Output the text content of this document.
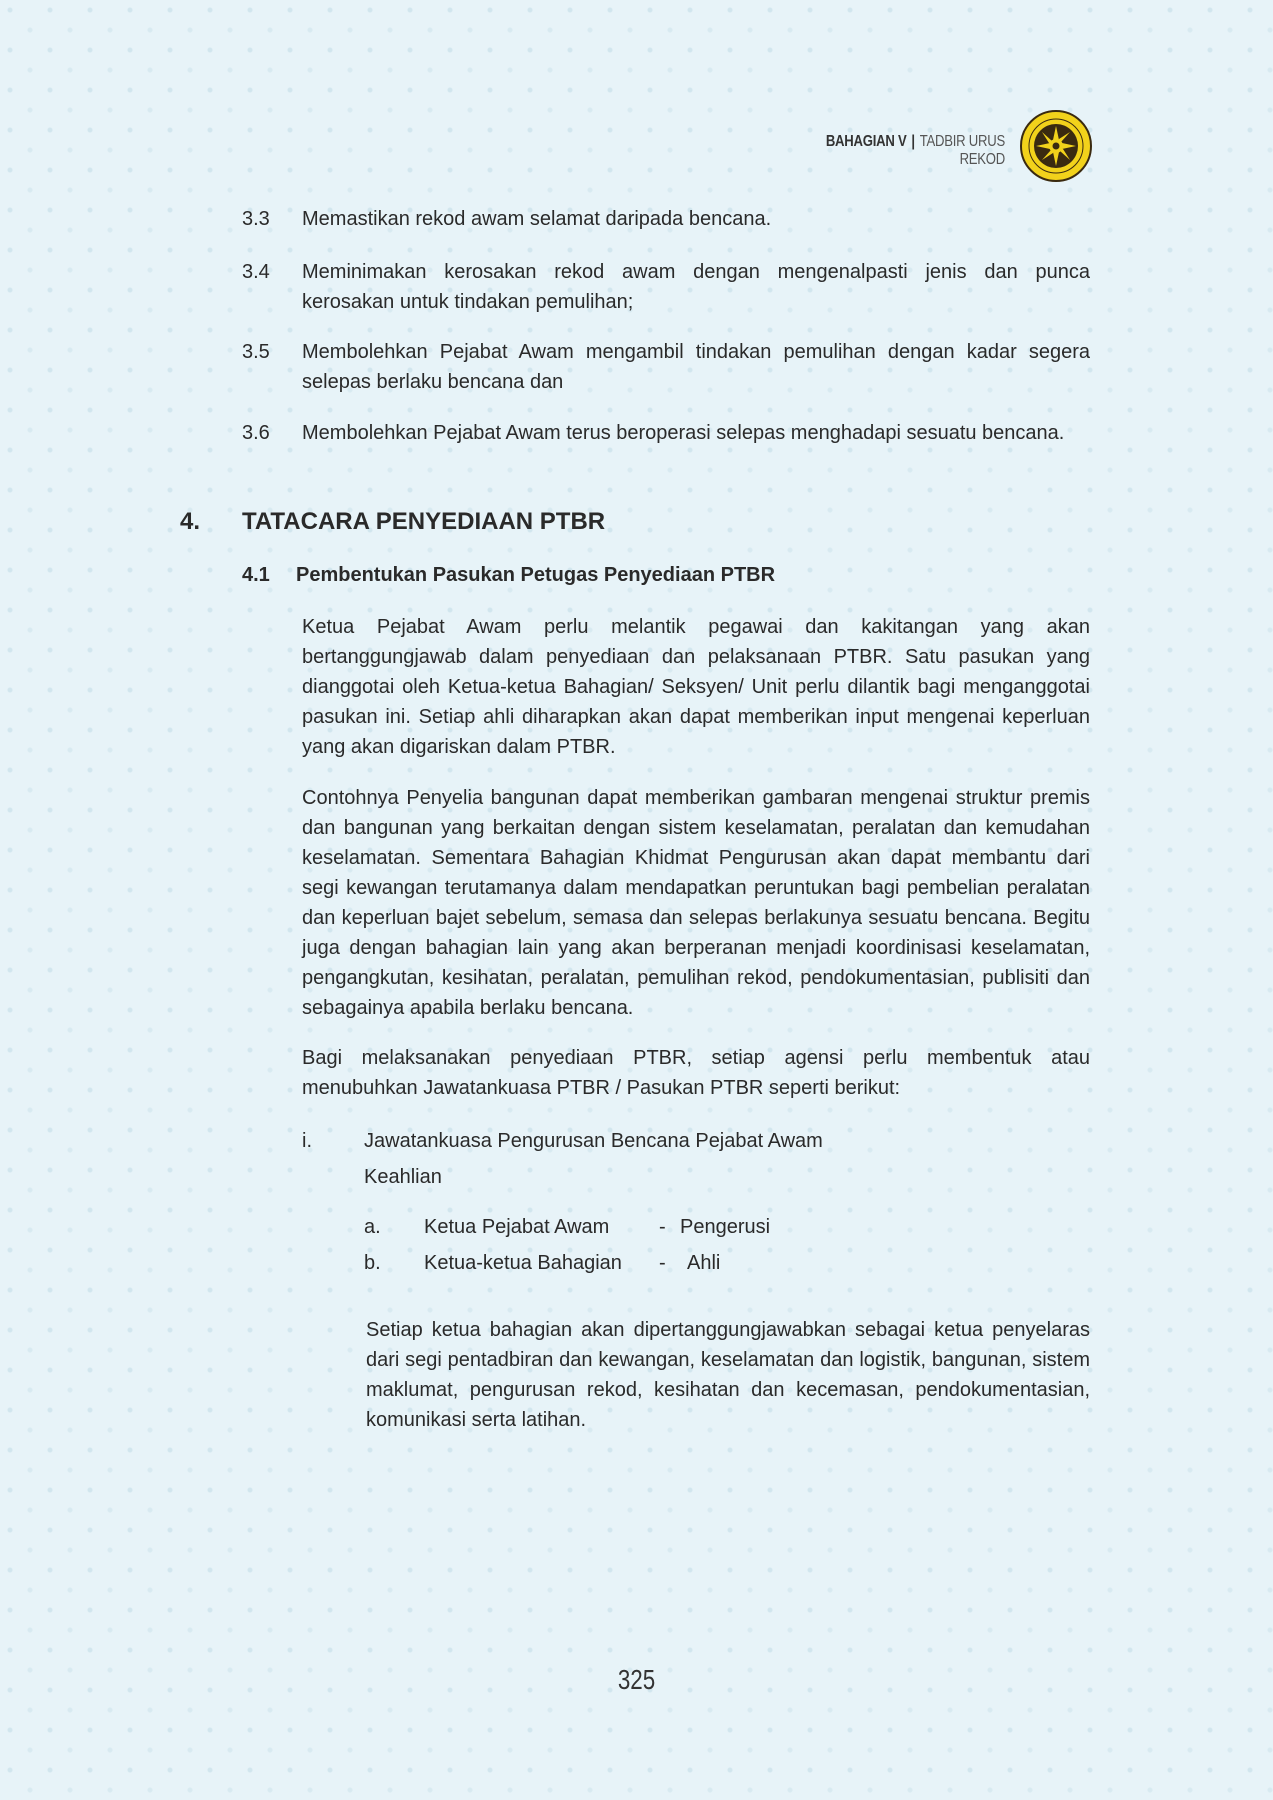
BAHAGIAN V | TADBIR URUS REKOD
3.3 Memastikan rekod awam selamat daripada bencana.
3.4 Meminimakan kerosakan rekod awam dengan mengenalpasti jenis dan punca kerosakan untuk tindakan pemulihan;
3.5 Membolehkan Pejabat Awam mengambil tindakan pemulihan dengan kadar segera selepas berlaku bencana dan
3.6 Membolehkan Pejabat Awam terus beroperasi selepas menghadapi sesuatu bencana.
4. TATACARA PENYEDIAAN PTBR
4.1 Pembentukan Pasukan Petugas Penyediaan PTBR
Ketua Pejabat Awam perlu melantik pegawai dan kakitangan yang akan bertanggungjawab dalam penyediaan dan pelaksanaan PTBR. Satu pasukan yang dianggotai oleh Ketua-ketua Bahagian/ Seksyen/ Unit perlu dilantik bagi menganggotai pasukan ini. Setiap ahli diharapkan akan dapat memberikan input mengenai keperluan yang akan digariskan dalam PTBR.
Contohnya Penyelia bangunan dapat memberikan gambaran mengenai struktur premis dan bangunan yang berkaitan dengan sistem keselamatan, peralatan dan kemudahan keselamatan. Sementara Bahagian Khidmat Pengurusan akan dapat membantu dari segi kewangan terutamanya dalam mendapatkan peruntukan bagi pembelian peralatan dan keperluan bajet sebelum, semasa dan selepas berlakunya sesuatu bencana. Begitu juga dengan bahagian lain yang akan berperanan menjadi koordinisasi keselamatan, pengangkutan, kesihatan, peralatan, pemulihan rekod, pendokumentasian, publisiti dan sebagainya apabila berlaku bencana.
Bagi melaksanakan penyediaan PTBR, setiap agensi perlu membentuk atau menubuhkan Jawatankuasa PTBR / Pasukan PTBR seperti berikut:
i.	Jawatankuasa Pengurusan Bencana Pejabat Awam
Keahlian
a. Ketua Pejabat Awam - Pengerusi
b. Ketua-ketua Bahagian - Ahli
Setiap ketua bahagian akan dipertanggungjawabkan sebagai ketua penyelaras dari segi pentadbiran dan kewangan, keselamatan dan logistik, bangunan, sistem maklumat, pengurusan rekod, kesihatan dan kecemasan, pendokumentasian, komunikasi serta latihan.
325
